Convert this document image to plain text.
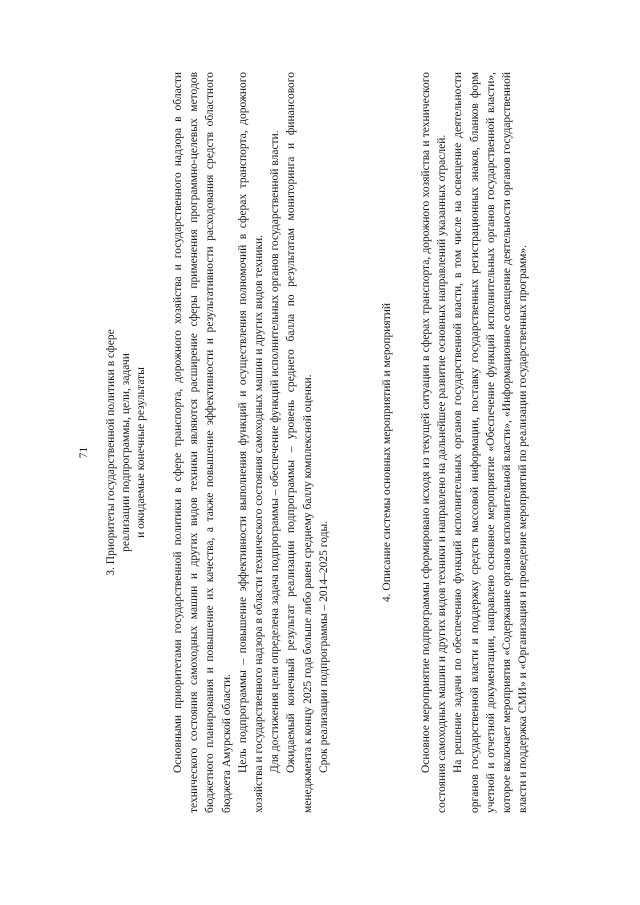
71 3. Приоритеты государственной политики в сфере реализации подпрограммы, цели, задачи и ожидаемые конечные результаты Основными приоритетами государственной политики в сфере транспорта, дорожного хозяйства и государственного надзора в области технического состояния самоходных машин и других видов техники являются расширение сферы применения программно-целевых методов бюджетного планирования и повышение их качества, а также повышение эффективности и результативности расходования средств областного бюджета Амурской области. Цель подпрограммы – повышение эффективности выполнения функций и осуществления полномочий в сферах транспорта, дорожного хозяйства и государственного надзора в области технического состояния самоходных машин и других видов техники. Для достижения цели определена задача подпрограммы – обеспечение функций исполнительных органов государственной власти. Ожидаемый конечный результат реализации подпрограммы – уровень среднего балла по результатам мониторинга и финансового менеджмента к концу 2025 года больше либо равен среднему баллу комплексной оценки. Срок реализации подпрограммы – 2014–2025 годы.

4. Описание системы основных мероприятий и мероприятий Основное мероприятие подпрограммы сформировано исходя из текущей ситуации в сферах транспорта, дорожного хозяйства и технического состояния самоходных машин и других видов техники и направлено на дальнейшее развитие основных направлений указанных отраслей. На решение задачи по обеспечению функций исполнительных органов государственной власти, в том числе на освещение деятельности органов государственной власти и поддержку средств массовой информации, поставку государственных регистрационных знаков, бланков форм учетной и отчетной документации, направлено основное мероприятие «Обеспечение функций исполнительных органов государственной власти», которое включает мероприятия «Содержание органов исполнительной власти», «Информационное освещение деятельности органов государственной власти и поддержка СМИ» и «Организация и проведение мероприятий по реализации государственных программ».
